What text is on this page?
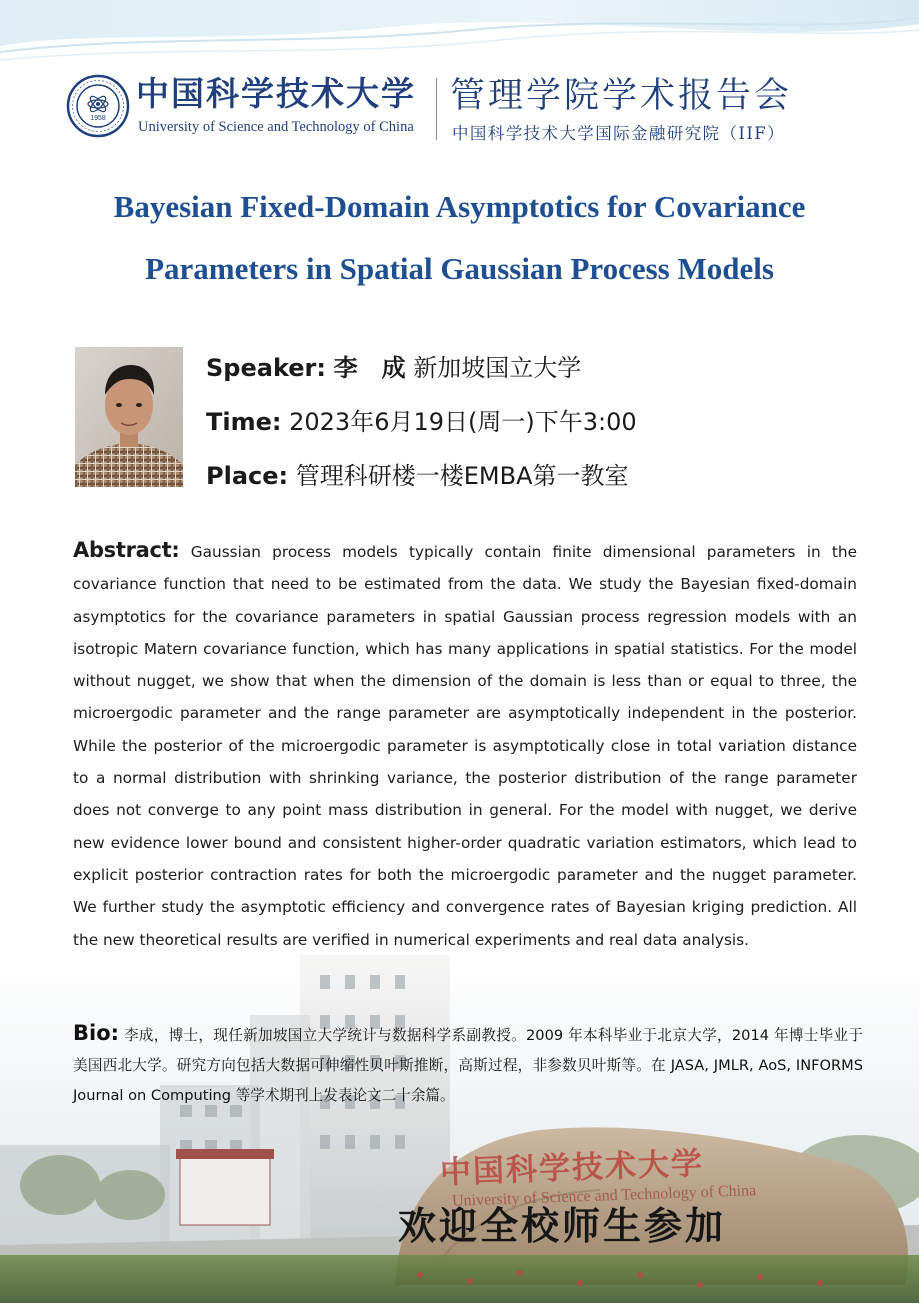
1958
中国科学技术大学
University of Science and Technology of China
管理学院学术报告会
中国科学技术大学国际金融研究院（IIF）
Bayesian Fixed-Domain Asymptotics for Covariance
Parameters in Spatial Gaussian Process Models
Speaker: 李　成 新加坡国立大学
Time: 2023年6月19日(周一)下午3:00
Place: 管理科研楼一楼EMBA第一教室
Abstract: Gaussian process models typically contain finite dimensional parameters in the covariance function that need to be estimated from the data. We study the Bayesian fixed-domain asymptotics for the covariance parameters in spatial Gaussian process regression models with an isotropic Matern covariance function, which has many applications in spatial statistics. For the model without nugget, we show that when the dimension of the domain is less than or equal to three, the microergodic parameter and the range parameter are asymptotically independent in the posterior. While the posterior of the microergodic parameter is asymptotically close in total variation distance to a normal distribution with shrinking variance, the posterior distribution of the range parameter does not converge to any point mass distribution in general. For the model with nugget, we derive new evidence lower bound and consistent higher-order quadratic variation estimators, which lead to explicit posterior contraction rates for both the microergodic parameter and the nugget parameter. We further study the asymptotic efficiency and convergence rates of Bayesian kriging prediction. All the new theoretical results are verified in numerical experiments and real data analysis.
Bio: 李成，博士，现任新加坡国立大学统计与数据科学系副教授。2009 年本科毕业于北京大学，2014 年博士毕业于美国西北大学。研究方向包括大数据可伸缩性贝叶斯推断，高斯过程，非参数贝叶斯等。在 JASA, JMLR, AoS, INFORMS Journal on Computing 等学术期刊上发表论文二十余篇。
中国科学技术大学
University of Science and Technology of China
欢迎全校师生参加
